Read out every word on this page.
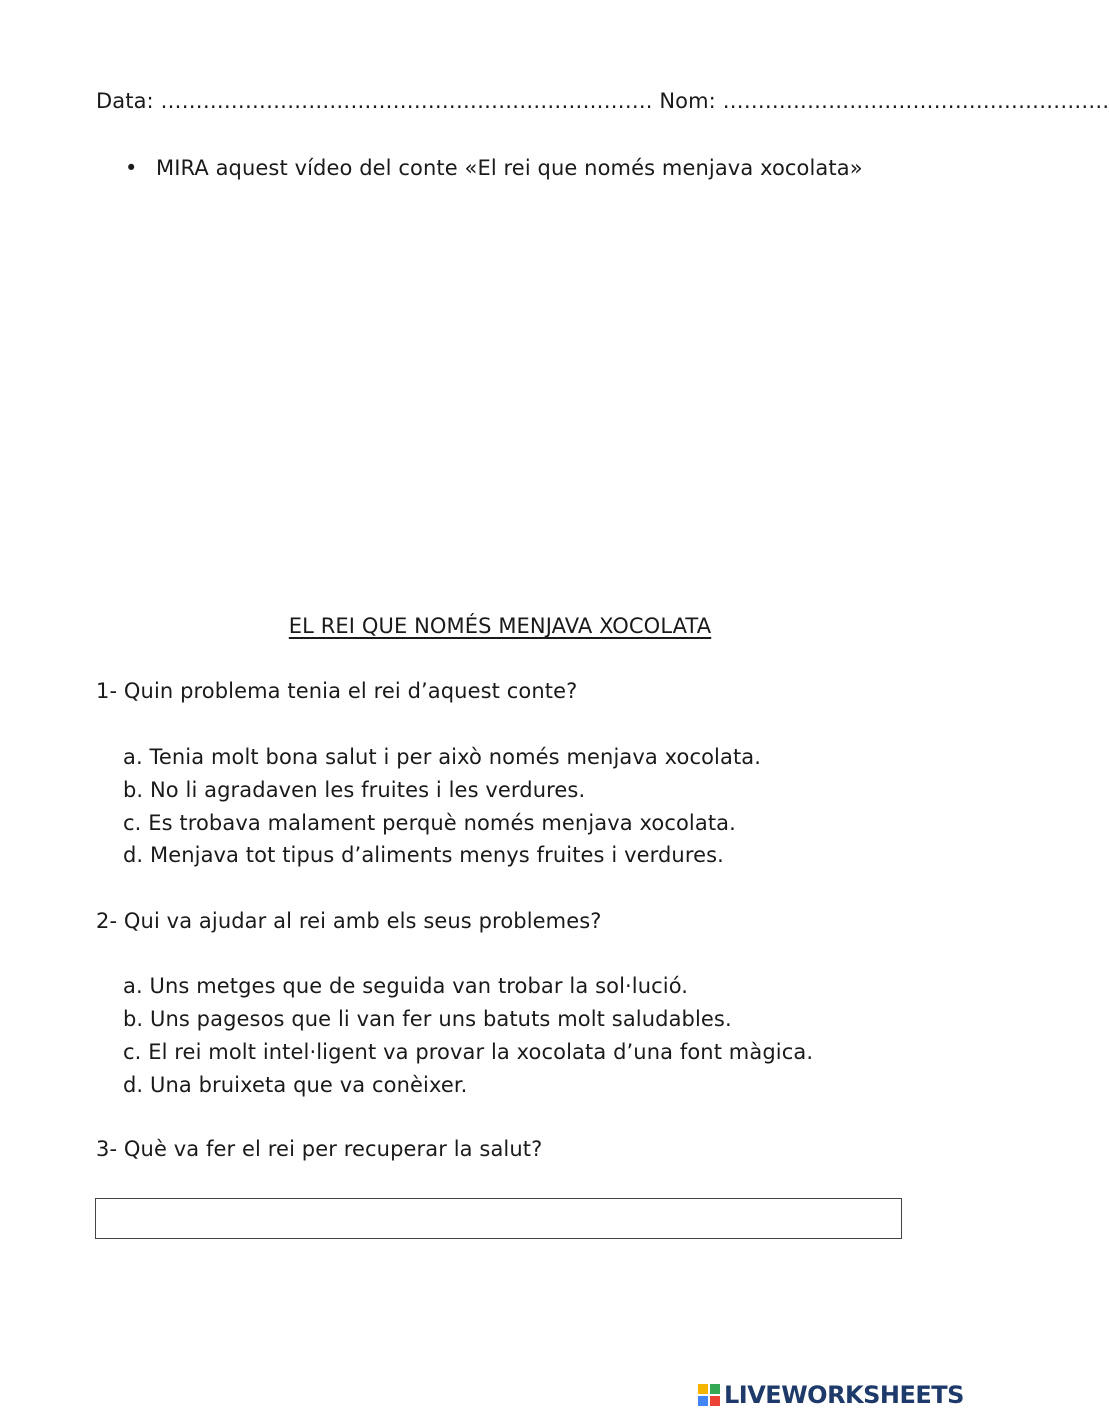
Data: ……………………………………………………………. Nom: ……………………………………………….
• MIRA aquest vídeo del conte «El rei que només menjava xocolata»
EL REI QUE NOMÉS MENJAVA XOCOLATA
1- Quin problema tenia el rei d’aquest conte?
a. Tenia molt bona salut i per això només menjava xocolata.
b. No li agradaven les fruites i les verdures.
c. Es trobava malament perquè només menjava xocolata.
d. Menjava tot tipus d’aliments menys fruites i verdures.
2- Qui va ajudar al rei amb els seus problemes?
a. Uns metges que de seguida van trobar la sol·lució.
b. Uns pagesos que li van fer uns batuts molt saludables.
c. El rei molt intel·ligent va provar la xocolata d’una font màgica.
d. Una bruixeta que va conèixer.
3- Què va fer el rei per recuperar la salut?
LIVEWORKSHEETS
